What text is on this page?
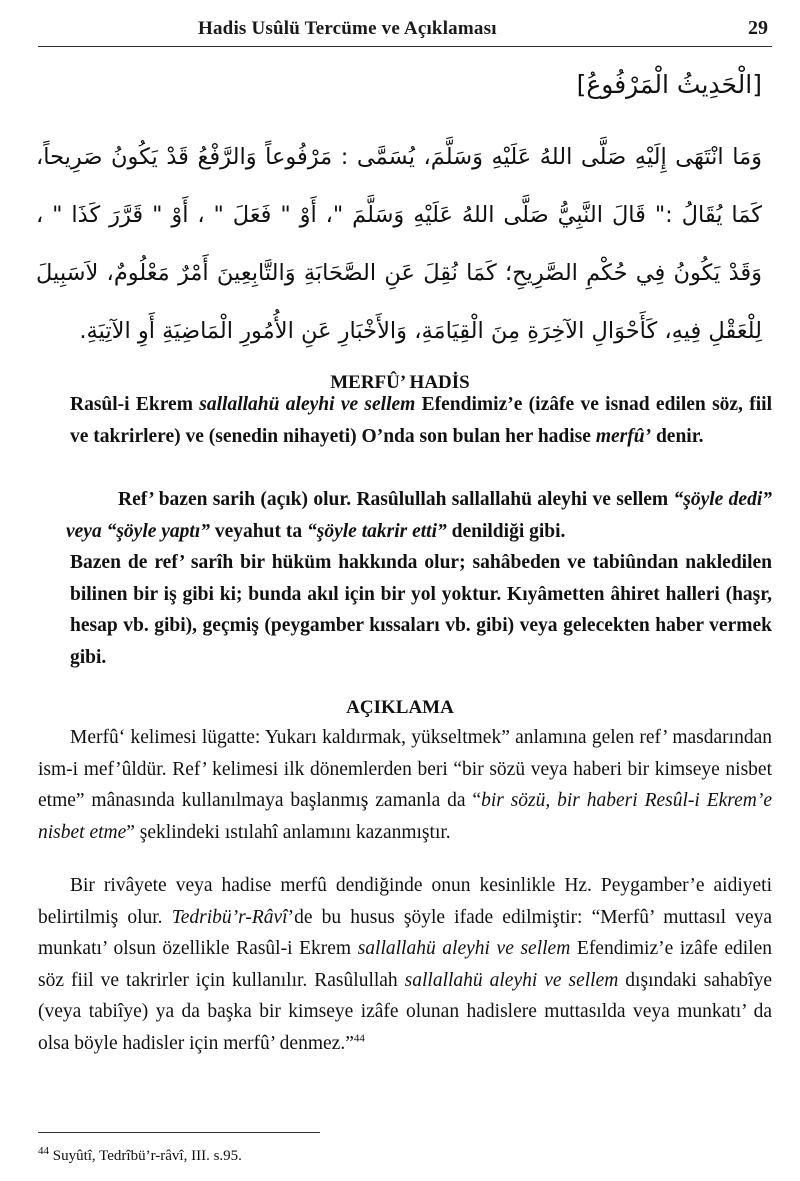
Hadis Usûlü Tercüme ve Açıklaması	29
[الْحَدِيثُ الْمَرْفُوعُ]
وَمَا انْتَهَى إِلَيْهِ صَلَّى اللهُ عَلَيْهِ وَسَلَّمَ، يُسَمَّى : مَرْفُوعاً وَالرَّفْعُ قَدْ يَكُونُ صَرِيحاً، كَمَا يُقَالُ :" قَالَ النَّبِيُّ صَلَّى اللهُ عَلَيْهِ وَسَلَّمَ "، أَوْ " فَعَلَ " ، أَوْ " قَرَّرَ كَذَا " ، وَقَدْ يَكُونُ فِي حُكْمِ الصَّرِيحِ؛ كَمَا نُقِلَ عَنِ الصَّحَابَةِ وَالتَّابِعِينَ أَمْرٌ مَعْلُومٌ، لاَسَبِيلَ لِلْعَقْلِ فِيهِ، كَأَحْوَالِ الآخِرَةِ مِنَ الْقِيَامَةِ، وَالأَخْبَارِ عَنِ الأُمُورِ الْمَاضِيَةِ أَوِ الآتِيَةِ.
MERFÛ’ HADİS

Rasûl-i Ekrem sallallahü aleyhi ve sellem Efendimiz’e (izâfe ve isnad edilen söz, fiil ve takrirlere) ve (senedin nihayeti) O’nda son bulan her hadise merfû’ denir.

Ref’ bazen sarih (açık) olur. Rasûlullah sallallahü aleyhi ve sellem “şöyle dedi” veya “şöyle yaptı” veyahut ta “şöyle takrir etti” denildiği gibi.

Bazen de ref’ sarîh bir hüküm hakkında olur; sahâbeden ve tabiûndan nakledilen bilinen bir iş gibi ki; bunda akıl için bir yol yoktur. Kıyâmetten âhiret halleri (haşr, hesap vb. gibi), geçmiş (peygamber kıssaları vb. gibi) veya gelecekten haber vermek gibi.

AÇIKLAMA

Merfû‘ kelimesi lügatte: Yukarı kaldırmak, yükseltmek” anlamına gelen ref’ masdarından ism-i mef’ûldür. Ref’ kelimesi ilk dönemlerden beri “bir sözü veya haberi bir kimseye nisbet etme” mânasında kullanılmaya başlanmış zamanla da “bir sözü, bir haberi Resûl-i Ekrem’e nisbet etme” şeklindeki ıstılahî anlamını kazanmıştır.

Bir rivâyete veya hadise merfû dendiğinde onun kesinlikle Hz. Peygamber’e aidiyeti belirtilmiş olur. Tedribü’r-Râvî’de bu husus şöyle ifade edilmiştir: “Merfû’ muttasıl veya munkatı’ olsun özellikle Rasûl-i Ekrem sallallahü aleyhi ve sellem Efendimiz’e izâfe edilen söz fiil ve takrirler için kullanılır. Rasûlullah sallallahü aleyhi ve sellem dışındaki sahabîye (veya tabiîye) ya da başka bir kimseye izâfe olunan hadislere muttasılda veya munkatı’ da olsa böyle hadisler için merfû’ denmez.”$^{44}$

$^{44}$ Suyûtî, Tedrîbü’r-râvî, III. s.95.
